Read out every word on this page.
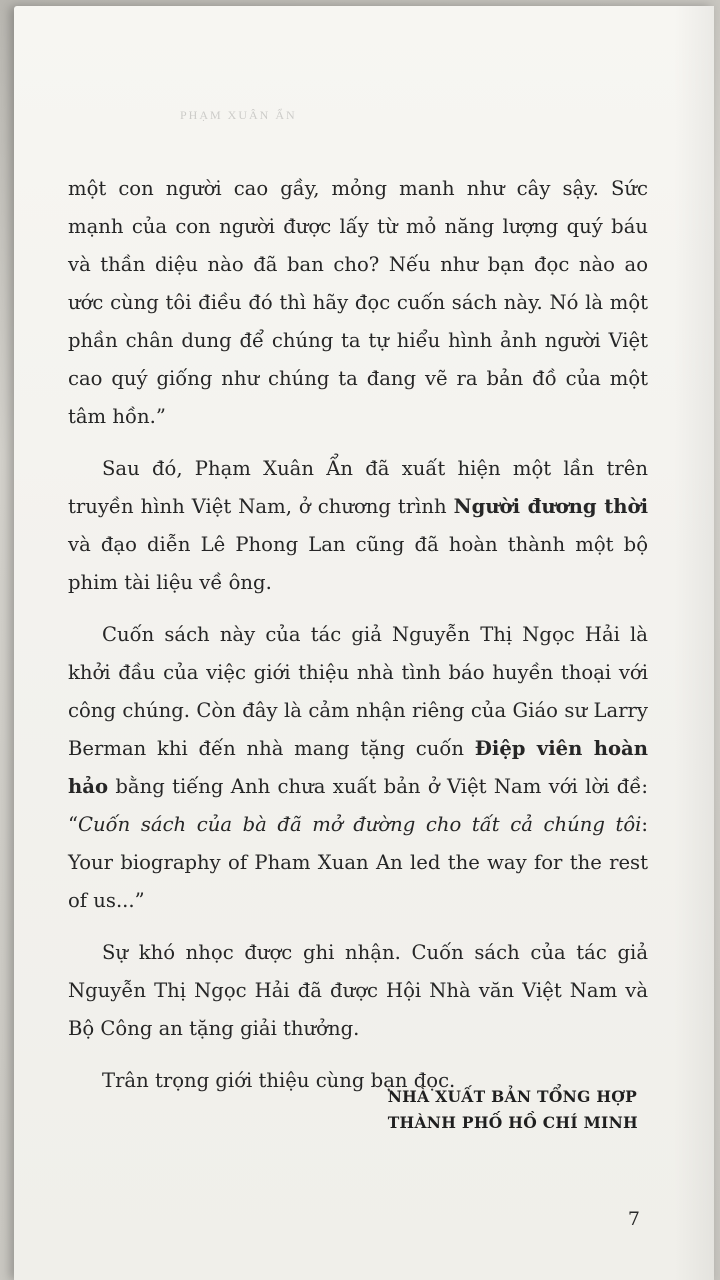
PHẠM XUÂN ẨN

một con người cao gầy, mỏng manh như cây sậy. Sức mạnh của con người được lấy từ mỏ năng lượng quý báu và thần diệu nào đã ban cho? Nếu như bạn đọc nào ao ước cùng tôi điều đó thì hãy đọc cuốn sách này. Nó là một phần chân dung để chúng ta tự hiểu hình ảnh người Việt cao quý giống như chúng ta đang vẽ ra bản đồ của một tâm hồn.”

Sau đó, Phạm Xuân Ẩn đã xuất hiện một lần trên truyền hình Việt Nam, ở chương trình Người đương thời và đạo diễn Lê Phong Lan cũng đã hoàn thành một bộ phim tài liệu về ông.

Cuốn sách này của tác giả Nguyễn Thị Ngọc Hải là khởi đầu của việc giới thiệu nhà tình báo huyền thoại với công chúng. Còn đây là cảm nhận riêng của Giáo sư Larry Berman khi đến nhà mang tặng cuốn Điệp viên hoàn hảo bằng tiếng Anh chưa xuất bản ở Việt Nam với lời đề: “Cuốn sách của bà đã mở đường cho tất cả chúng tôi: Your biography of Pham Xuan An led the way for the rest of us...”

Sự khó nhọc được ghi nhận. Cuốn sách của tác giả Nguyễn Thị Ngọc Hải đã được Hội Nhà văn Việt Nam và Bộ Công an tặng giải thưởng.

Trân trọng giới thiệu cùng bạn đọc.

NHÀ XUẤT BẢN TỔNG HỢP
THÀNH PHỐ HỒ CHÍ MINH
7
